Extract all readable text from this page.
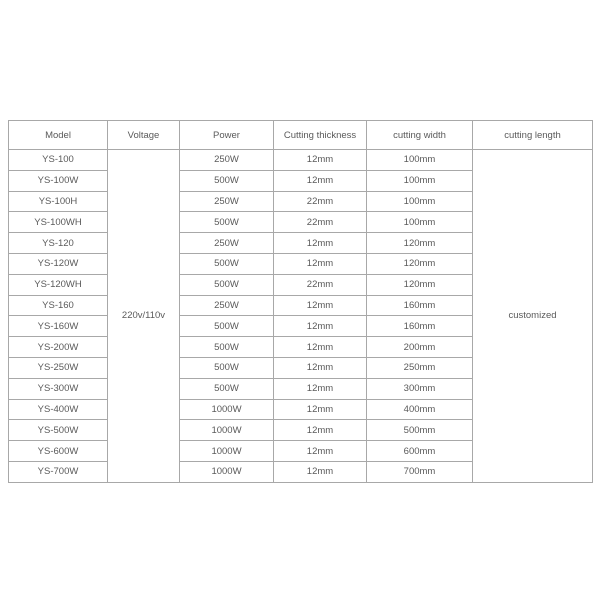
Model	Voltage	Power	Cutting thickness	cutting width	cutting length
YS-100	220v/110v	250W	12mm	100mm	customized
YS-100W		500W	12mm	100mm	
YS-100H		250W	22mm	100mm	
YS-100WH		500W	22mm	100mm	
YS-120		250W	12mm	120mm	
YS-120W		500W	12mm	120mm	
YS-120WH		500W	22mm	120mm	
YS-160		250W	12mm	160mm	
YS-160W		500W	12mm	160mm	
YS-200W		500W	12mm	200mm	
YS-250W		500W	12mm	250mm	
YS-300W		500W	12mm	300mm	
YS-400W		1000W	12mm	400mm	
YS-500W		1000W	12mm	500mm	
YS-600W		1000W	12mm	600mm	
YS-700W		1000W	12mm	700mm	
